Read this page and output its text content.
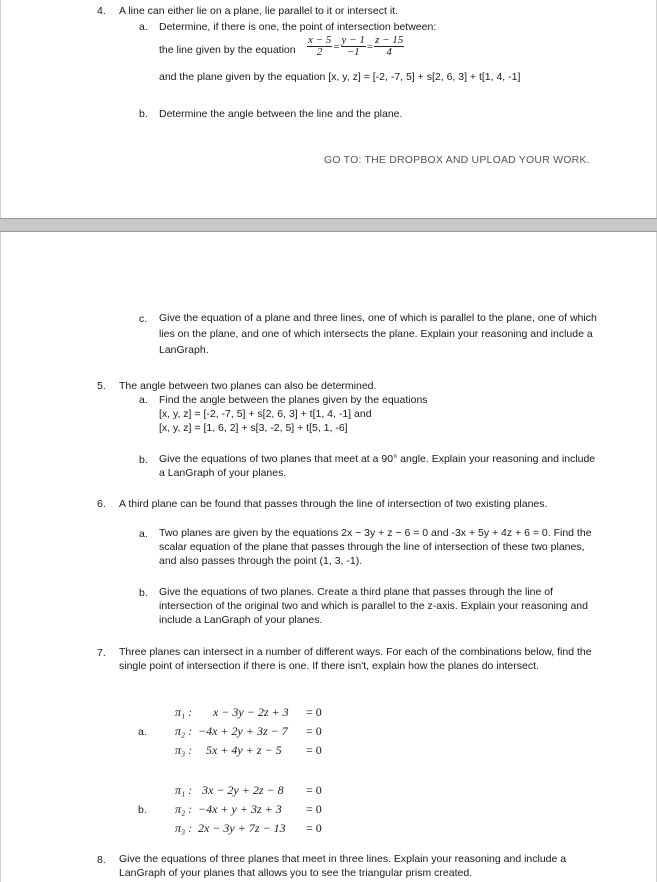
4. A line can either lie on a plane, lie parallel to it or intersect it.
a. Determine, if there is one, the point of intersection between:
the line given by the equation $\frac{x - 5}{2} = \frac{y - 1}{-1} = \frac{z - 15}{4}$
and the plane given by the equation [x, y, z] = [-2, -7, 5] + s[2, 6, 3] + t[1, 4, -1]
b. Determine the angle between the line and the plane.
GO TO: THE DROPBOX AND UPLOAD YOUR WORK.
c. Give the equation of a plane and three lines, one of which is parallel to the plane, one of which lies on the plane, and one of which intersects the plane. Explain your reasoning and include a LanGraph.
5. The angle between two planes can also be determined.
a. Find the angle between the planes given by the equations
[x, y, z] = [-2, -7, 5] + s[2, 6, 3] + t[1, 4, -1] and
[x, y, z] = [1, 6, 2] + s[3, -2, 5] + t[5, 1, -6]
b. Give the equations of two planes that meet at a 90° angle. Explain your reasoning and include a LanGraph of your planes.
6. A third plane can be found that passes through the line of intersection of two existing planes.
a. Two planes are given by the equations 2x − 3y + z − 6 = 0 and -3x + 5y + 4z + 6 = 0. Find the scalar equation of the plane that passes through the line of intersection of these two planes, and also passes through the point (1, 3, -1).
b. Give the equations of two planes. Create a third plane that passes through the line of intersection of the original two and which is parallel to the z-axis. Explain your reasoning and include a LanGraph of your planes.
7. Three planes can intersect in a number of different ways. For each of the combinations below, find the single point of intersection if there is one. If there isn't, explain how the planes do intersect.
a.
π₁ : x − 3y − 2z + 3 = 0
π₂ : −4x + 2y + 3z − 7 = 0
π₃ : 5x + 4y + z − 5 = 0
b.
π₁ : 3x − 2y + 2z − 8 = 0
π₂ : −4x + y + 3z + 3 = 0
π₃ : 2x − 3y + 7z − 13 = 0
8. Give the equations of three planes that meet in three lines. Explain your reasoning and include a LanGraph of your planes that allows you to see the triangular prism created.
